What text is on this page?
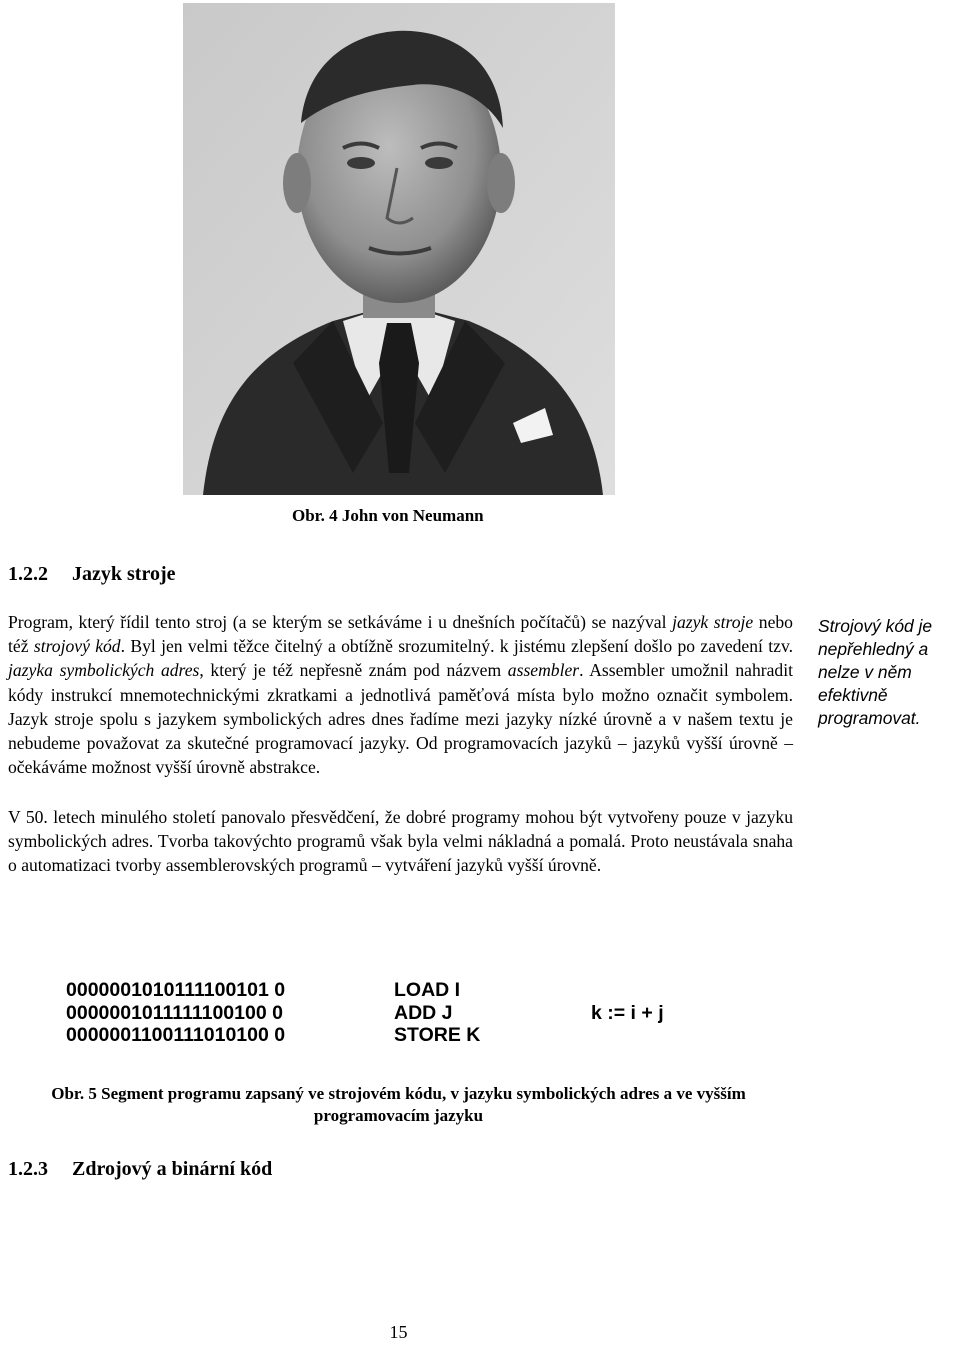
Obr. 4 John von Neumann
1.2.2 Jazyk stroje
Program, který řídil tento stroj (a se kterým se setkáváme i u dnešních počítačů) se nazýval jazyk stroje nebo též strojový kód. Byl jen velmi těžce čitelný a obtížně srozumitelný. k jistému zlepšení došlo po zavedení tzv. jazyka symbolických adres, který je též nepřesně znám pod názvem assembler. Assembler umožnil nahradit kódy instrukcí mnemotechnickými zkratkami a jednotlivá paměťová místa bylo možno označit symbolem. Jazyk stroje spolu s jazykem symbolických adres dnes řadíme mezi jazyky nízké úrovně a v našem textu je nebudeme považovat za skutečné programovací jazyky. Od programovacích jazyků – jazyků vyšší úrovně – očekáváme možnost vyšší úrovně abstrakce.
Strojový kód je nepřehledný a nelze v něm efektivně programovat.
V 50. letech minulého století panovalo přesvědčení, že dobré programy mohou být vytvořeny pouze v jazyku symbolických adres. Tvorba takovýchto programů však byla velmi nákladná a pomalá. Proto neustávala snaha o automatizaci tvorby assemblerovských programů – vytváření jazyků vyšší úrovně.
0000001010111100101 0
0000001011111100100 0
0000001100111010100 0
LOAD I
ADD J
STORE K
k := i + j
Obr. 5 Segment programu zapsaný ve strojovém kódu, v jazyku symbolických adres a ve vyšším programovacím jazyku
1.2.3 Zdrojový a binární kód
15
